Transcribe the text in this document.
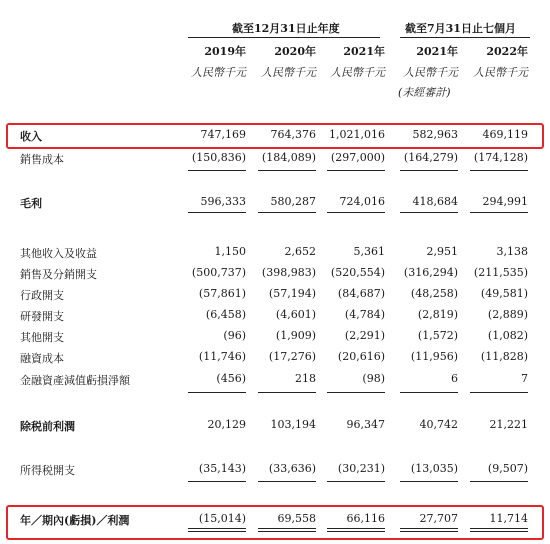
截至12月31日止年度	截至7月31日止七個月
2019年	2020年	2021年	2021年	2022年
人民幣千元	人民幣千元	人民幣千元	人民幣千元	人民幣千元
(未經審計)
收入	747,169	764,376	1,021,016	582,963	469,119
銷售成本	(150,836)	(184,089)	(297,000)	(164,279)	(174,128)
毛利	596,333	580,287	724,016	418,684	294,991
其他收入及收益	1,150	2,652	5,361	2,951	3,138
銷售及分銷開支	(500,737)	(398,983)	(520,554)	(316,294)	(211,535)
行政開支	(57,861)	(57,194)	(84,687)	(48,258)	(49,581)
研發開支	(6,458)	(4,601)	(4,784)	(2,819)	(2,889)
其他開支	(96)	(1,909)	(2,291)	(1,572)	(1,082)
融資成本	(11,746)	(17,276)	(20,616)	(11,956)	(11,828)
金融資產減值虧損淨額	(456)	218	(98)	6	7
除税前利潤	20,129	103,194	96,347	40,742	21,221
所得税開支	(35,143)	(33,636)	(30,231)	(13,035)	(9,507)
年／期內(虧損)／利潤	(15,014)	69,558	66,116	27,707	11,714
